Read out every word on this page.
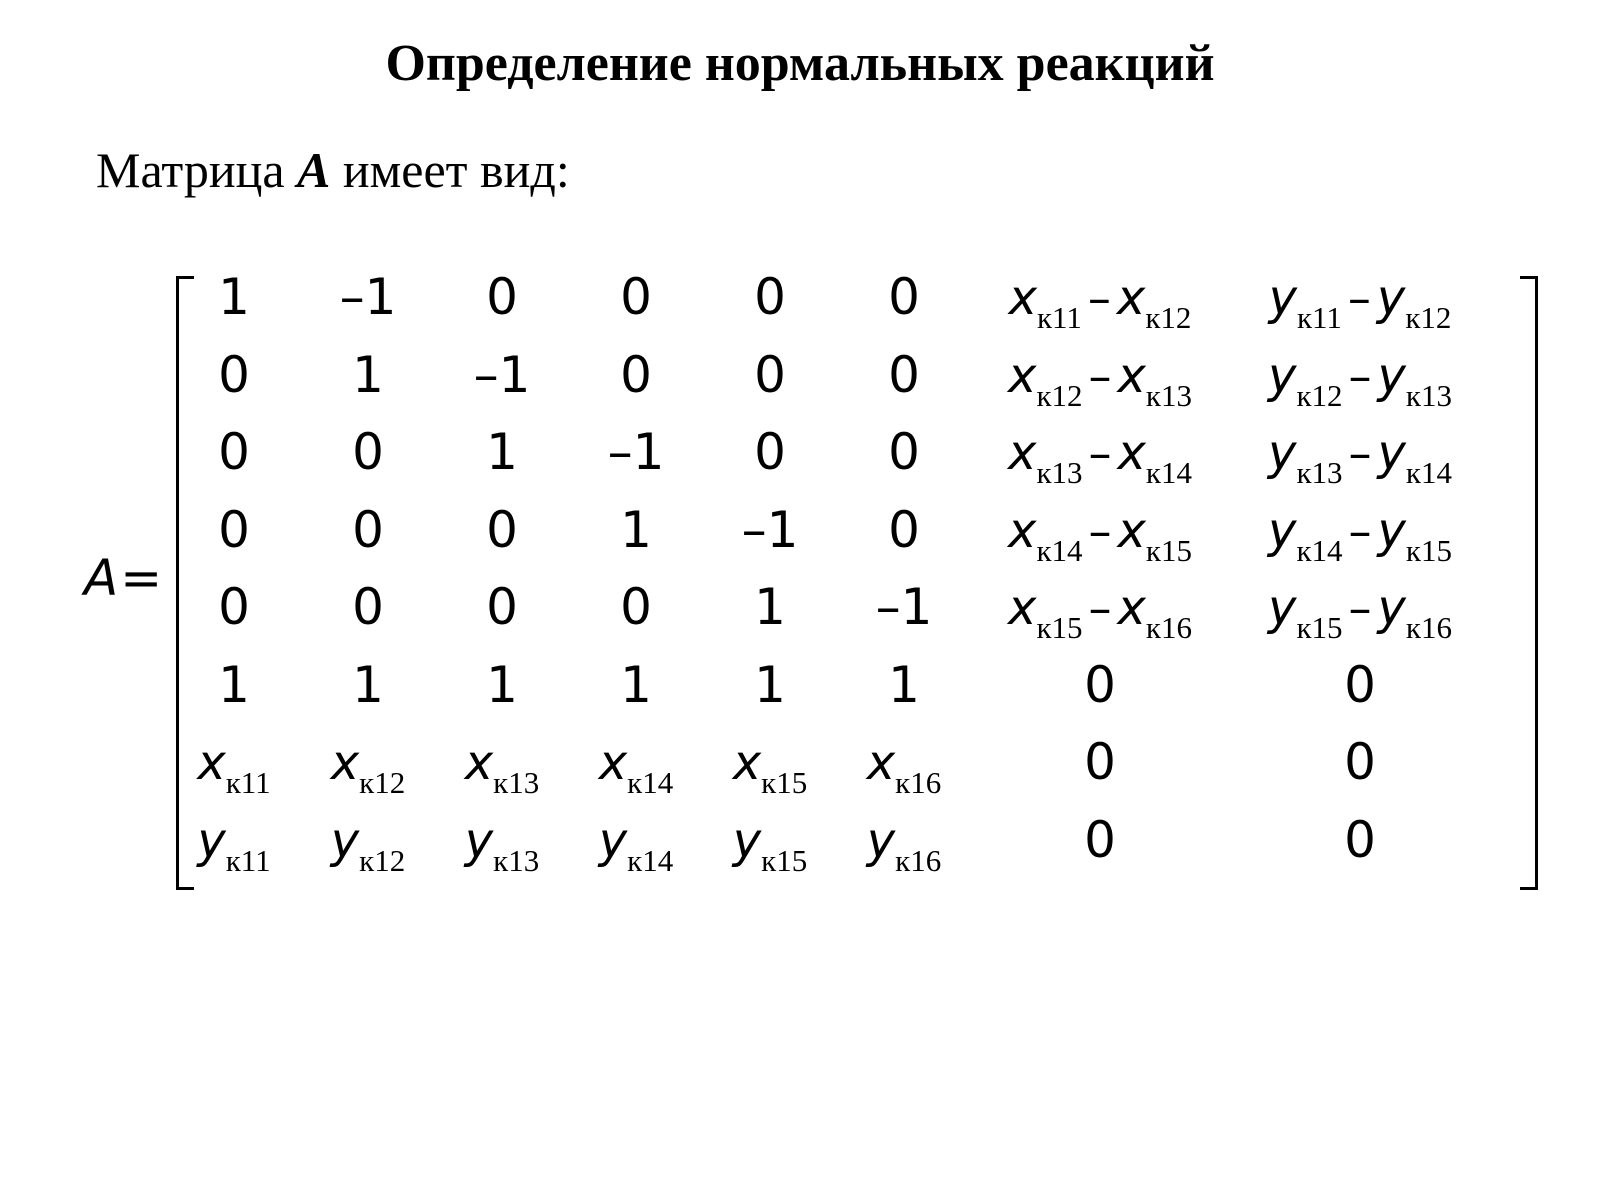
Определение нормальных реакций
Матрица A имеет вид:
A=
1	–1	0	0	0	0	$x_{к11} - x_{к12}$	$y_{к11} - y_{к12}$
0	1	–1	0	0	0	$x_{к12} - x_{к13}$	$y_{к12} - y_{к13}$
0	0	1	–1	0	0	$x_{к13} - x_{к14}$	$y_{к13} - y_{к14}$
0	0	0	1	–1	0	$x_{к14} - x_{к15}$	$y_{к14} - y_{к15}$
0	0	0	0	1	–1	$x_{к15} - x_{к16}$	$y_{к15} - y_{к16}$
1	1	1	1	1	1	0	0
$x_{к11}$	$x_{к12}$	$x_{к13}$	$x_{к14}$	$x_{к15}$	$x_{к16}$	0	0
$y_{к11}$	$y_{к12}$	$y_{к13}$	$y_{к14}$	$y_{к15}$	$y_{к16}$	0	0
